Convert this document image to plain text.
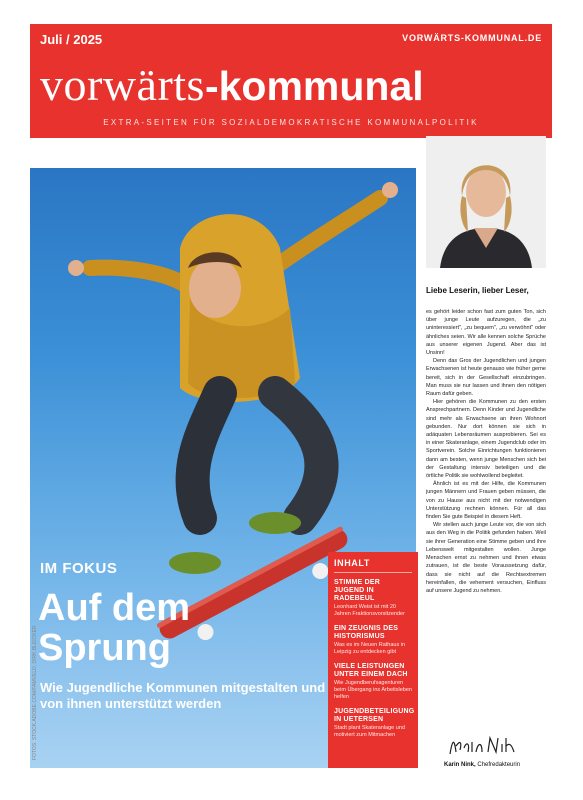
Juli / 2025	VORWÄRTS-KOMMUNAL.DE
vorwärts-kommunal
EXTRA-SEITEN FÜR SOZIALDEMOKRATISCHE KOMMUNALPOLITIK
FOTOS: STOCK.ADOBE.COM/FAMVELD, DIRK BLEICKER
IM FOKUS
Auf dem Sprung
Wie Jugendliche Kommunen mitgestalten und von ihnen unterstützt werden
INHALT
STIMME DER JUGEND IN RADEBEUL
Leonhard Weist ist mit 20 Jahren Fraktionsvorsitzender
EIN ZEUGNIS DES HISTORISMUS
Was es im Neuen Rathaus in Leipzig zu entdecken gibt
VIELE LEISTUNGEN UNTER EINEM DACH
Wie Jugendberufsagenturen beim Übergang ins Arbeitsleben helfen
JUGENDBETEILIGUNG IN UETERSEN
Stadt plant Skateranlage und motiviert zum Mitmachen
Liebe Leserin, lieber Leser,

es gehört leider schon fast zum guten Ton, sich über junge Leute aufzuregen, die „zu uninteressiert", „zu bequem", „zu verwöhnt" oder ähnliches seien. Wir alle kennen solche Sprüche aus unserer eigenen Jugend. Aber das ist Unsinn!

Denn das Gros der Jugendlichen und jungen Erwachsenen ist heute genauso wie früher gerne bereit, sich in der Gesellschaft einzubringen. Man muss sie nur lassen und ihnen den nötigen Raum dafür geben.

Hier gehören die Kommunen zu den ersten Ansprechpartnern. Denn Kinder und Jugendliche sind mehr als Erwachsene an ihren Wohnort gebunden. Nur dort können sie sich in adäquaten Lebensräumen ausprobieren. Sei es in einer Skateranlage, einem Jugendclub oder im Sportverein. Solche Einrichtungen funktionieren dann am besten, wenn junge Menschen sich bei der Gestaltung intensiv beteiligen und die örtliche Politik sie wohlwollend begleitet.

Ähnlich ist es mit der Hilfe, die Kommunen jungen Männern und Frauen geben müssen, die von zu Hause aus nicht mit der notwendigen Unterstützung rechnen können. Für all das finden Sie gute Beispiel in diesem Heft.

Wir stellen auch junge Leute vor, die von sich aus den Weg in die Politik gefunden haben. Weil sie ihrer Generation eine Stimme geben und ihre Lebenswelt mitgestalten wollen. Junge Menschen ernst zu nehmen und ihnen etwas zutrauen, ist die beste Voraussetzung dafür, dass sie nicht auf die Rechtsextremen hereinfallen, die vehement versuchen, Einfluss auf unsere Jugend zu nehmen.

Karin Nink, Chefredakteurin
